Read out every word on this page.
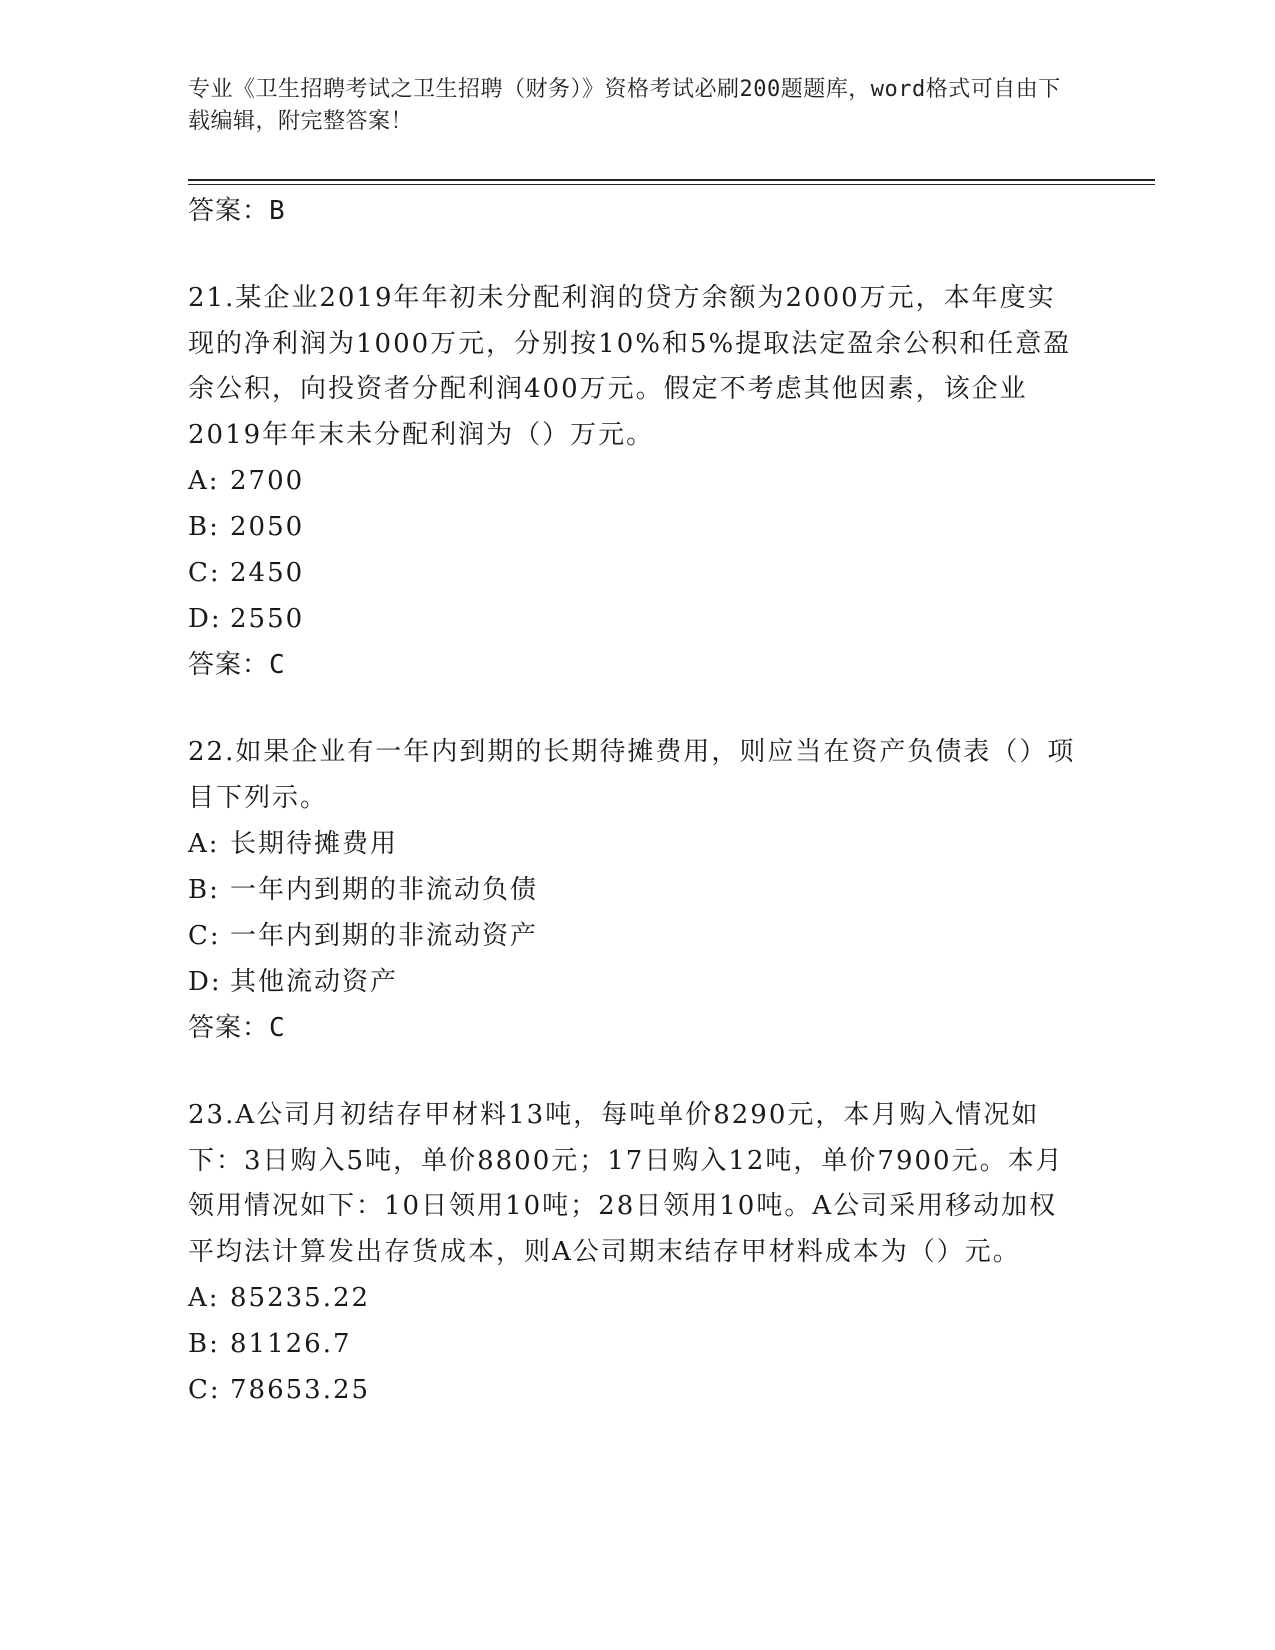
专业《卫生招聘考试之卫生招聘（财务）》资格考试必刷200题题库，word格式可自由下载编辑，附完整答案！
答案：B
21.某企业2019年年初未分配利润的贷方余额为2000万元，本年度实现的净利润为1000万元，分别按10%和5%提取法定盈余公积和任意盈余公积，向投资者分配利润400万元。假定不考虑其他因素，该企业2019年年末未分配利润为（）万元。
A: 2700
B: 2050
C: 2450
D: 2550
答案：C
22.如果企业有一年内到期的长期待摊费用，则应当在资产负债表（）项目下列示。
A: 长期待摊费用
B: 一年内到期的非流动负债
C: 一年内到期的非流动资产
D: 其他流动资产
答案：C
23.A公司月初结存甲材料13吨，每吨单价8290元，本月购入情况如下：3日购入5吨，单价8800元；17日购入12吨，单价7900元。本月领用情况如下：10日领用10吨；28日领用10吨。A公司采用移动加权平均法计算发出存货成本，则A公司期末结存甲材料成本为（）元。
A: 85235.22
B: 81126.7
C: 78653.25
